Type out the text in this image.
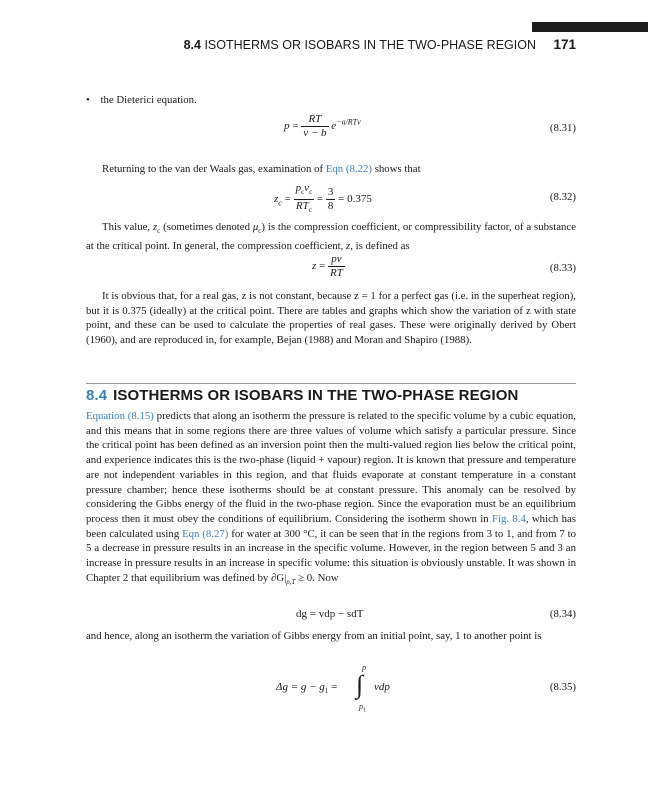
8.4 ISOTHERMS OR ISOBARS IN THE TWO-PHASE REGION 171
• the Dieterici equation.
$p = \frac{RT}{v - b} e^{-a/RTv}$
(8.31)
Returning to the van der Waals gas, examination of Eqn (8.22) shows that
$z_c = \frac{p_cv_c}{RT_c} = \frac{3}{8} = 0.375$	(8.32)
This value, $z_c$ (sometimes denoted $\mu_c$) is the compression coefficient, or compressibility factor, of a substance at the critical point. In general, the compression coefficient, z, is defined as
$z = \frac{pv}{RT}$	(8.33)
It is obvious that, for a real gas, z is not constant, because z = 1 for a perfect gas (i.e. in the superheat region), but it is 0.375 (ideally) at the critical point. There are tables and graphs which show the variation of z with state point, and these can be used to calculate the properties of real gases. These were originally derived by Obert (1960), and are reproduced in, for example, Bejan (1988) and Moran and Shapiro (1988).
8.4 ISOTHERMS OR ISOBARS IN THE TWO-PHASE REGION
Equation (8.15) predicts that along an isotherm the pressure is related to the specific volume by a cubic equation, and this means that in some regions there are three values of volume which satisfy a particular pressure. Since the critical point has been defined as an inversion point then the multi-valued region lies below the critical point, and experience indicates this is the two-phase (liquid + vapour) region. It is known that pressure and temperature are not independent variables in this region, and that fluids evaporate at constant temperature in a constant pressure chamber; hence these isotherms should be at constant pressure. This anomaly can be resolved by considering the Gibbs energy of the fluid in the two-phase region. Since the evaporation must be an equilibrium process then it must obey the conditions of equilibrium. Considering the isotherm shown in Fig. 8.4, which has been calculated using Eqn (8.27) for water at 300 °C, it can be seen that in the regions from 3 to 1, and from 7 to 5 a decrease in pressure results in an increase in the specific volume. However, in the region between 5 and 3 an increase in pressure results in an increase in specific volume: this situation is obviously unstable. It was shown in Chapter 2 that equilibrium was defined by $\partial G|_{p,T} \ge 0$. Now
dg = vdp − sdT	(8.34)
and hence, along an isotherm the variation of Gibbs energy from an initial point, say, 1 to another point is
$\Delta g = g - g_1$ =
p
∫
$p_1$
vdp	(8.35)
